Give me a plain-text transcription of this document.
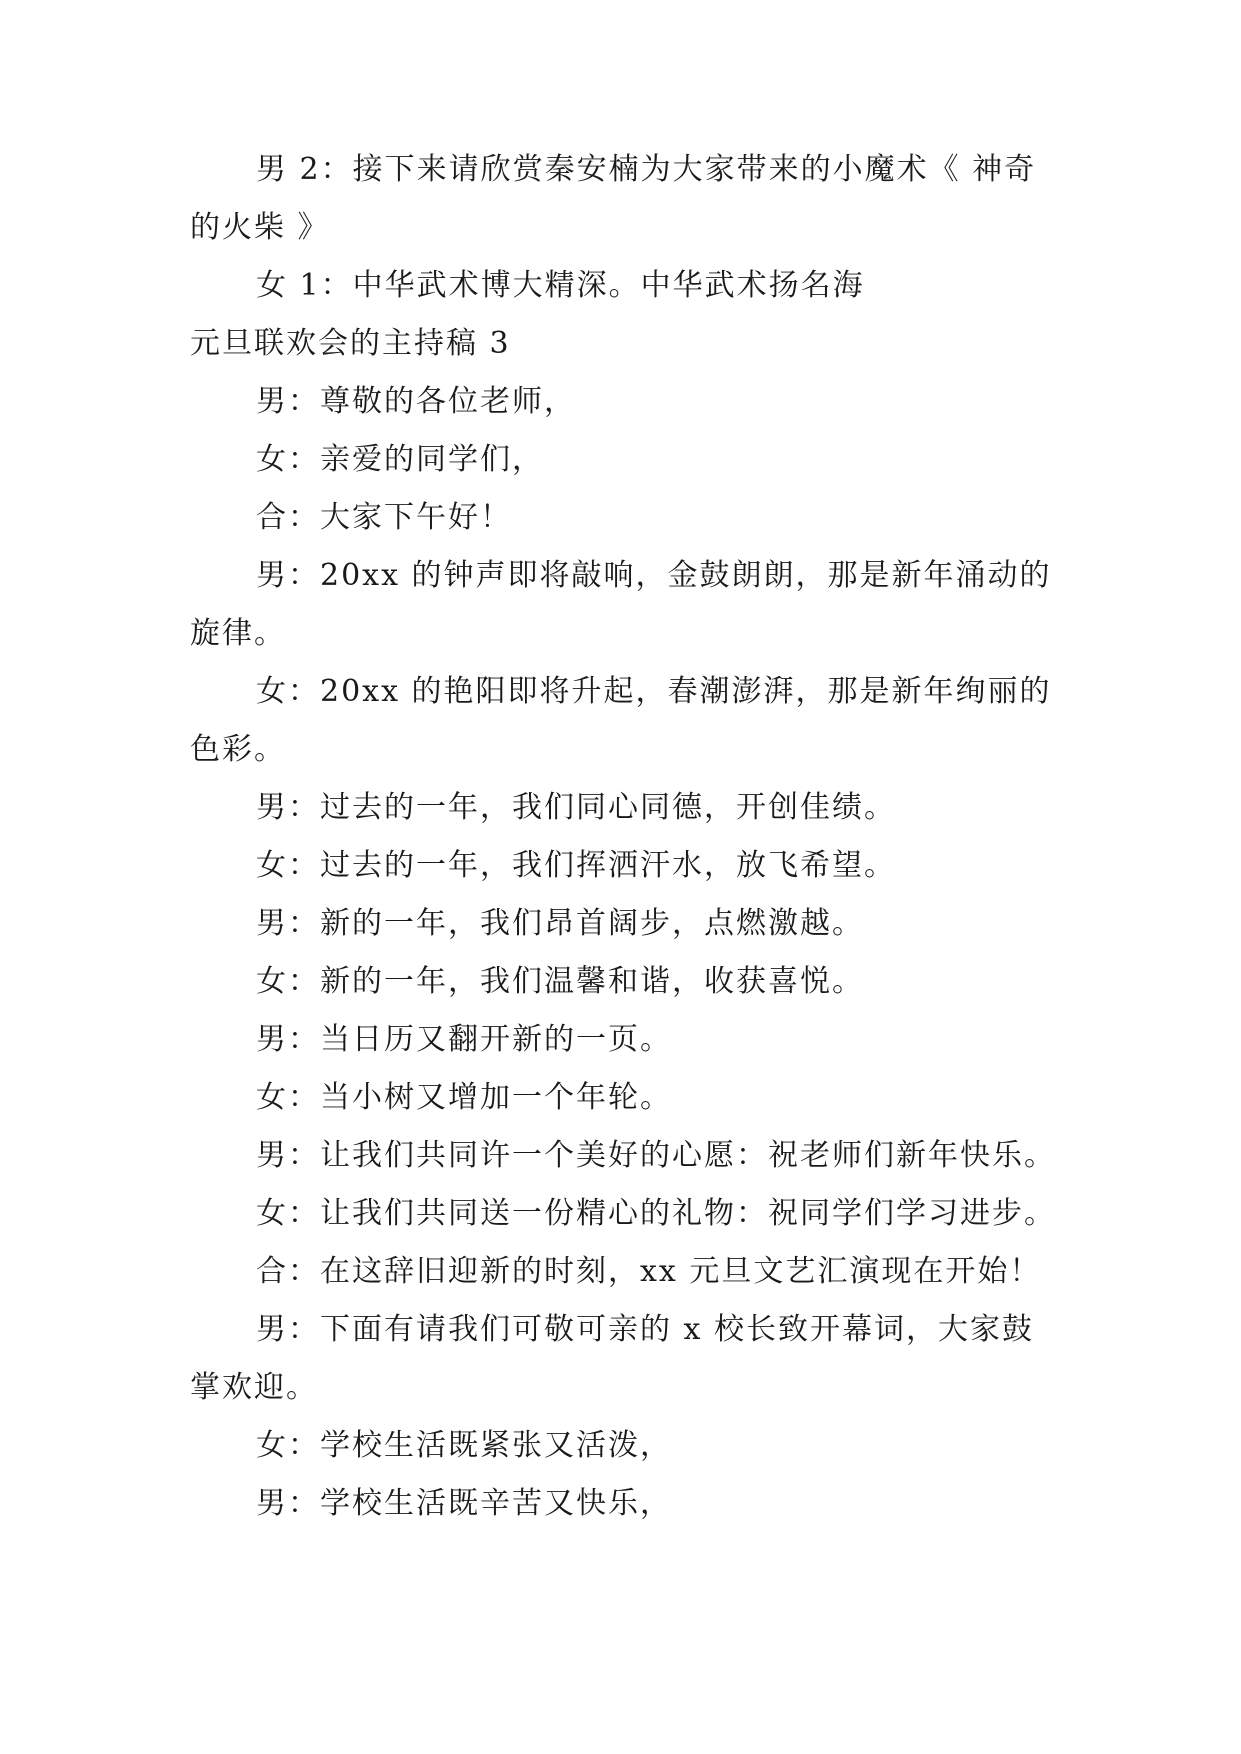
男 2：接下来请欣赏秦安楠为大家带来的小魔术《 神奇
的火柴 》
女 1：中华武术博大精深。中华武术扬名海
元旦联欢会的主持稿 3
男：尊敬的各位老师，
女：亲爱的同学们，
合：大家下午好！
男：20xx 的钟声即将敲响，金鼓朗朗，那是新年涌动的
旋律。
女：20xx 的艳阳即将升起，春潮澎湃，那是新年绚丽的
色彩。
男：过去的一年，我们同心同德，开创佳绩。
女：过去的一年，我们挥洒汗水，放飞希望。
男：新的一年，我们昂首阔步，点燃激越。
女：新的一年，我们温馨和谐，收获喜悦。
男：当日历又翻开新的一页。
女：当小树又增加一个年轮。
男：让我们共同许一个美好的心愿：祝老师们新年快乐。
女：让我们共同送一份精心的礼物：祝同学们学习进步。
合：在这辞旧迎新的时刻，xx 元旦文艺汇演现在开始！
男：下面有请我们可敬可亲的 x 校长致开幕词，大家鼓
掌欢迎。
女：学校生活既紧张又活泼，
男：学校生活既辛苦又快乐，
